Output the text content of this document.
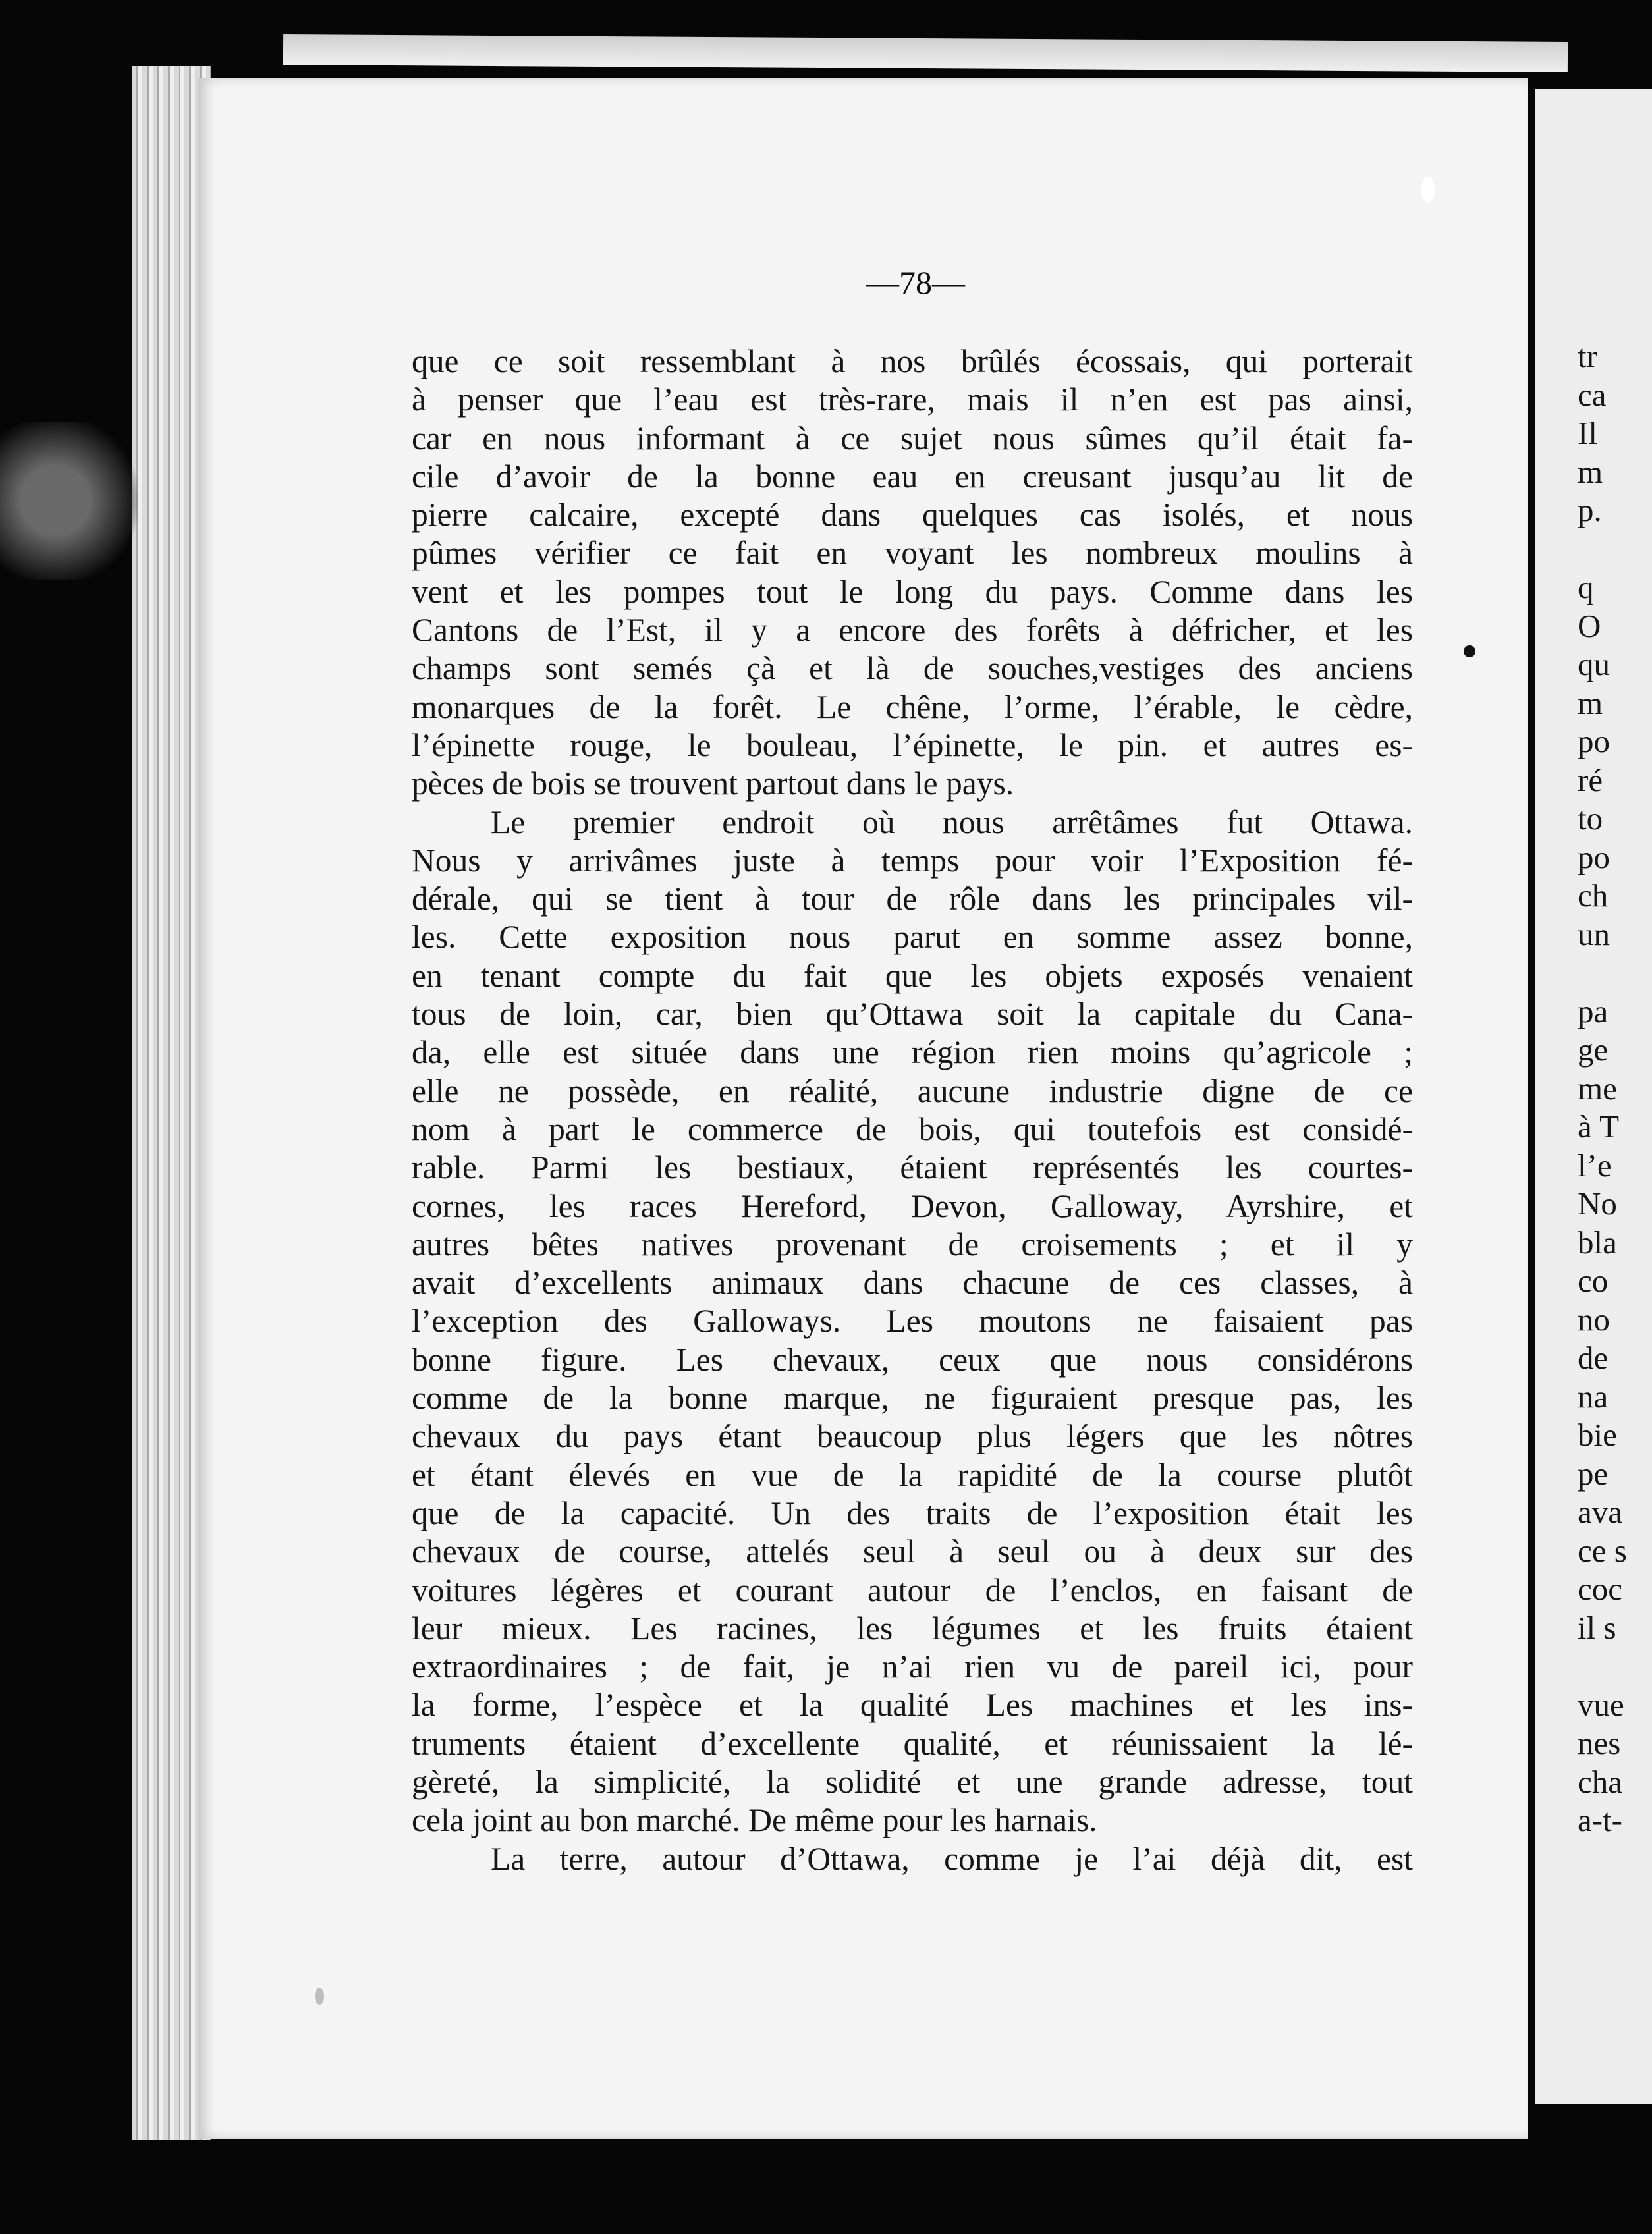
tr
ca
Il
m
p.
q
O
qu
m
po
ré
to
po
ch
un
pa
ge
me
à T
l’e
No
bla
co
no
de
na
bie
pe
ava
ce s
coc
il s
vue
nes
cha
a-t-
—78—
que ce soit ressemblant à nos brûlés écossais, qui porterait
à penser que l’eau est très-rare, mais il n’en est pas ainsi,
car en nous informant à ce sujet nous sûmes qu’il était fa-
cile d’avoir de la bonne eau en creusant jusqu’au lit de
pierre calcaire, excepté dans quelques cas isolés, et nous
pûmes vérifier ce fait en voyant les nombreux moulins à
vent et les pompes tout le long du pays. Comme dans les
Cantons de l’Est, il y a encore des forêts à défricher, et les
champs sont semés çà et là de souches,vestiges des anciens
monarques de la forêt. Le chêne, l’orme, l’érable, le cèdre,
l’épinette rouge, le bouleau, l’épinette, le pin. et autres es-
pèces de bois se trouvent partout dans le pays.
Le premier endroit où nous arrêtâmes fut Ottawa.
Nous y arrivâmes juste à temps pour voir l’Exposition fé-
dérale, qui se tient à tour de rôle dans les principales vil-
les. Cette exposition nous parut en somme assez bonne,
en tenant compte du fait que les objets exposés venaient
tous de loin, car, bien qu’Ottawa soit la capitale du Cana-
da, elle est située dans une région rien moins qu’agricole ;
elle ne possède, en réalité, aucune industrie digne de ce
nom à part le commerce de bois, qui toutefois est considé-
rable. Parmi les bestiaux, étaient représentés les courtes-
cornes, les races Hereford, Devon, Galloway, Ayrshire, et
autres bêtes natives provenant de croisements ; et il y
avait d’excellents animaux dans chacune de ces classes, à
l’exception des Galloways. Les moutons ne faisaient pas
bonne figure. Les chevaux, ceux que nous considérons
comme de la bonne marque, ne figuraient presque pas, les
chevaux du pays étant beaucoup plus légers que les nôtres
et étant élevés en vue de la rapidité de la course plutôt
que de la capacité. Un des traits de l’exposition était les
chevaux de course, attelés seul à seul ou à deux sur des
voitures légères et courant autour de l’enclos, en faisant de
leur mieux. Les racines, les légumes et les fruits étaient
extraordinaires ; de fait, je n’ai rien vu de pareil ici, pour
la forme, l’espèce et la qualité Les machines et les ins-
truments étaient d’excellente qualité, et réunissaient la lé-
gèreté, la simplicité, la solidité et une grande adresse, tout
cela joint au bon marché. De même pour les harnais.
La terre, autour d’Ottawa, comme je l’ai déjà dit, est
